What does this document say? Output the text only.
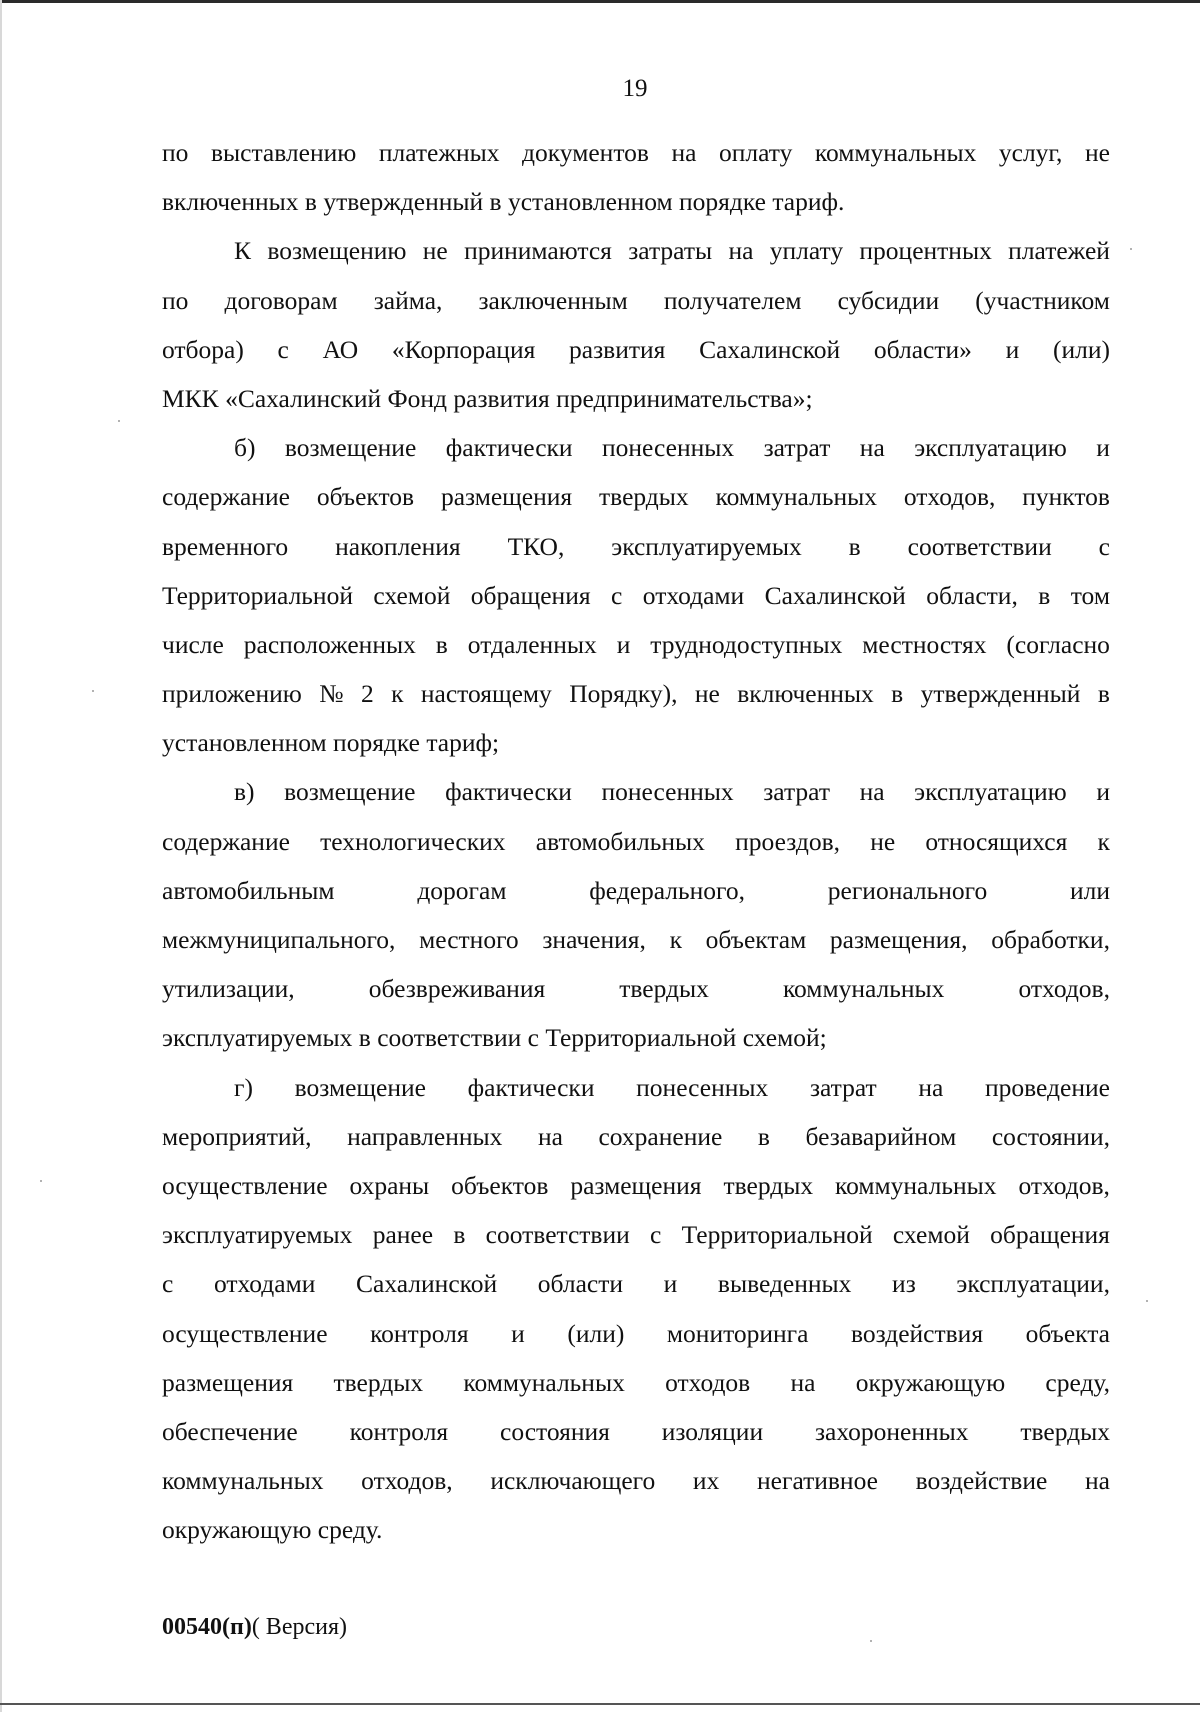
19
по выставлению платежных документов на оплату коммунальных услуг, не
включенных в утвержденный в установленном порядке тариф.
К возмещению не принимаются затраты на уплату процентных платежей
по договорам займа, заключенным получателем субсидии (участником
отбора) с АО «Корпорация развития Сахалинской области» и (или)
МКК «Сахалинский Фонд развития предпринимательства»;
б) возмещение фактически понесенных затрат на эксплуатацию и
содержание объектов размещения твердых коммунальных отходов, пунктов
временного накопления ТКО, эксплуатируемых в соответствии с
Территориальной схемой обращения с отходами Сахалинской области, в том
числе расположенных в отдаленных и труднодоступных местностях (согласно
приложению № 2 к настоящему Порядку), не включенных в утвержденный в
установленном порядке тариф;
в) возмещение фактически понесенных затрат на эксплуатацию и
содержание технологических автомобильных проездов, не относящихся к
автомобильным	дорогам	федерального,	регионального	или
межмуниципального, местного значения, к объектам размещения, обработки,
утилизации,	обезвреживания	твердых	коммунальных	отходов,
эксплуатируемых в соответствии с Территориальной схемой;
г) возмещение фактически понесенных затрат на проведение
мероприятий, направленных на сохранение в безаварийном состоянии,
осуществление охраны объектов размещения твердых коммунальных отходов,
эксплуатируемых ранее в соответствии с Территориальной схемой обращения
с отходами Сахалинской области и выведенных из эксплуатации,
осуществление контроля и (или) мониторинга воздействия объекта
размещения твердых коммунальных отходов на окружающую среду,
обеспечение контроля состояния изоляции захороненных твердых
коммунальных отходов, исключающего их негативное воздействие на
окружающую среду.
00540(п)( Версия)
